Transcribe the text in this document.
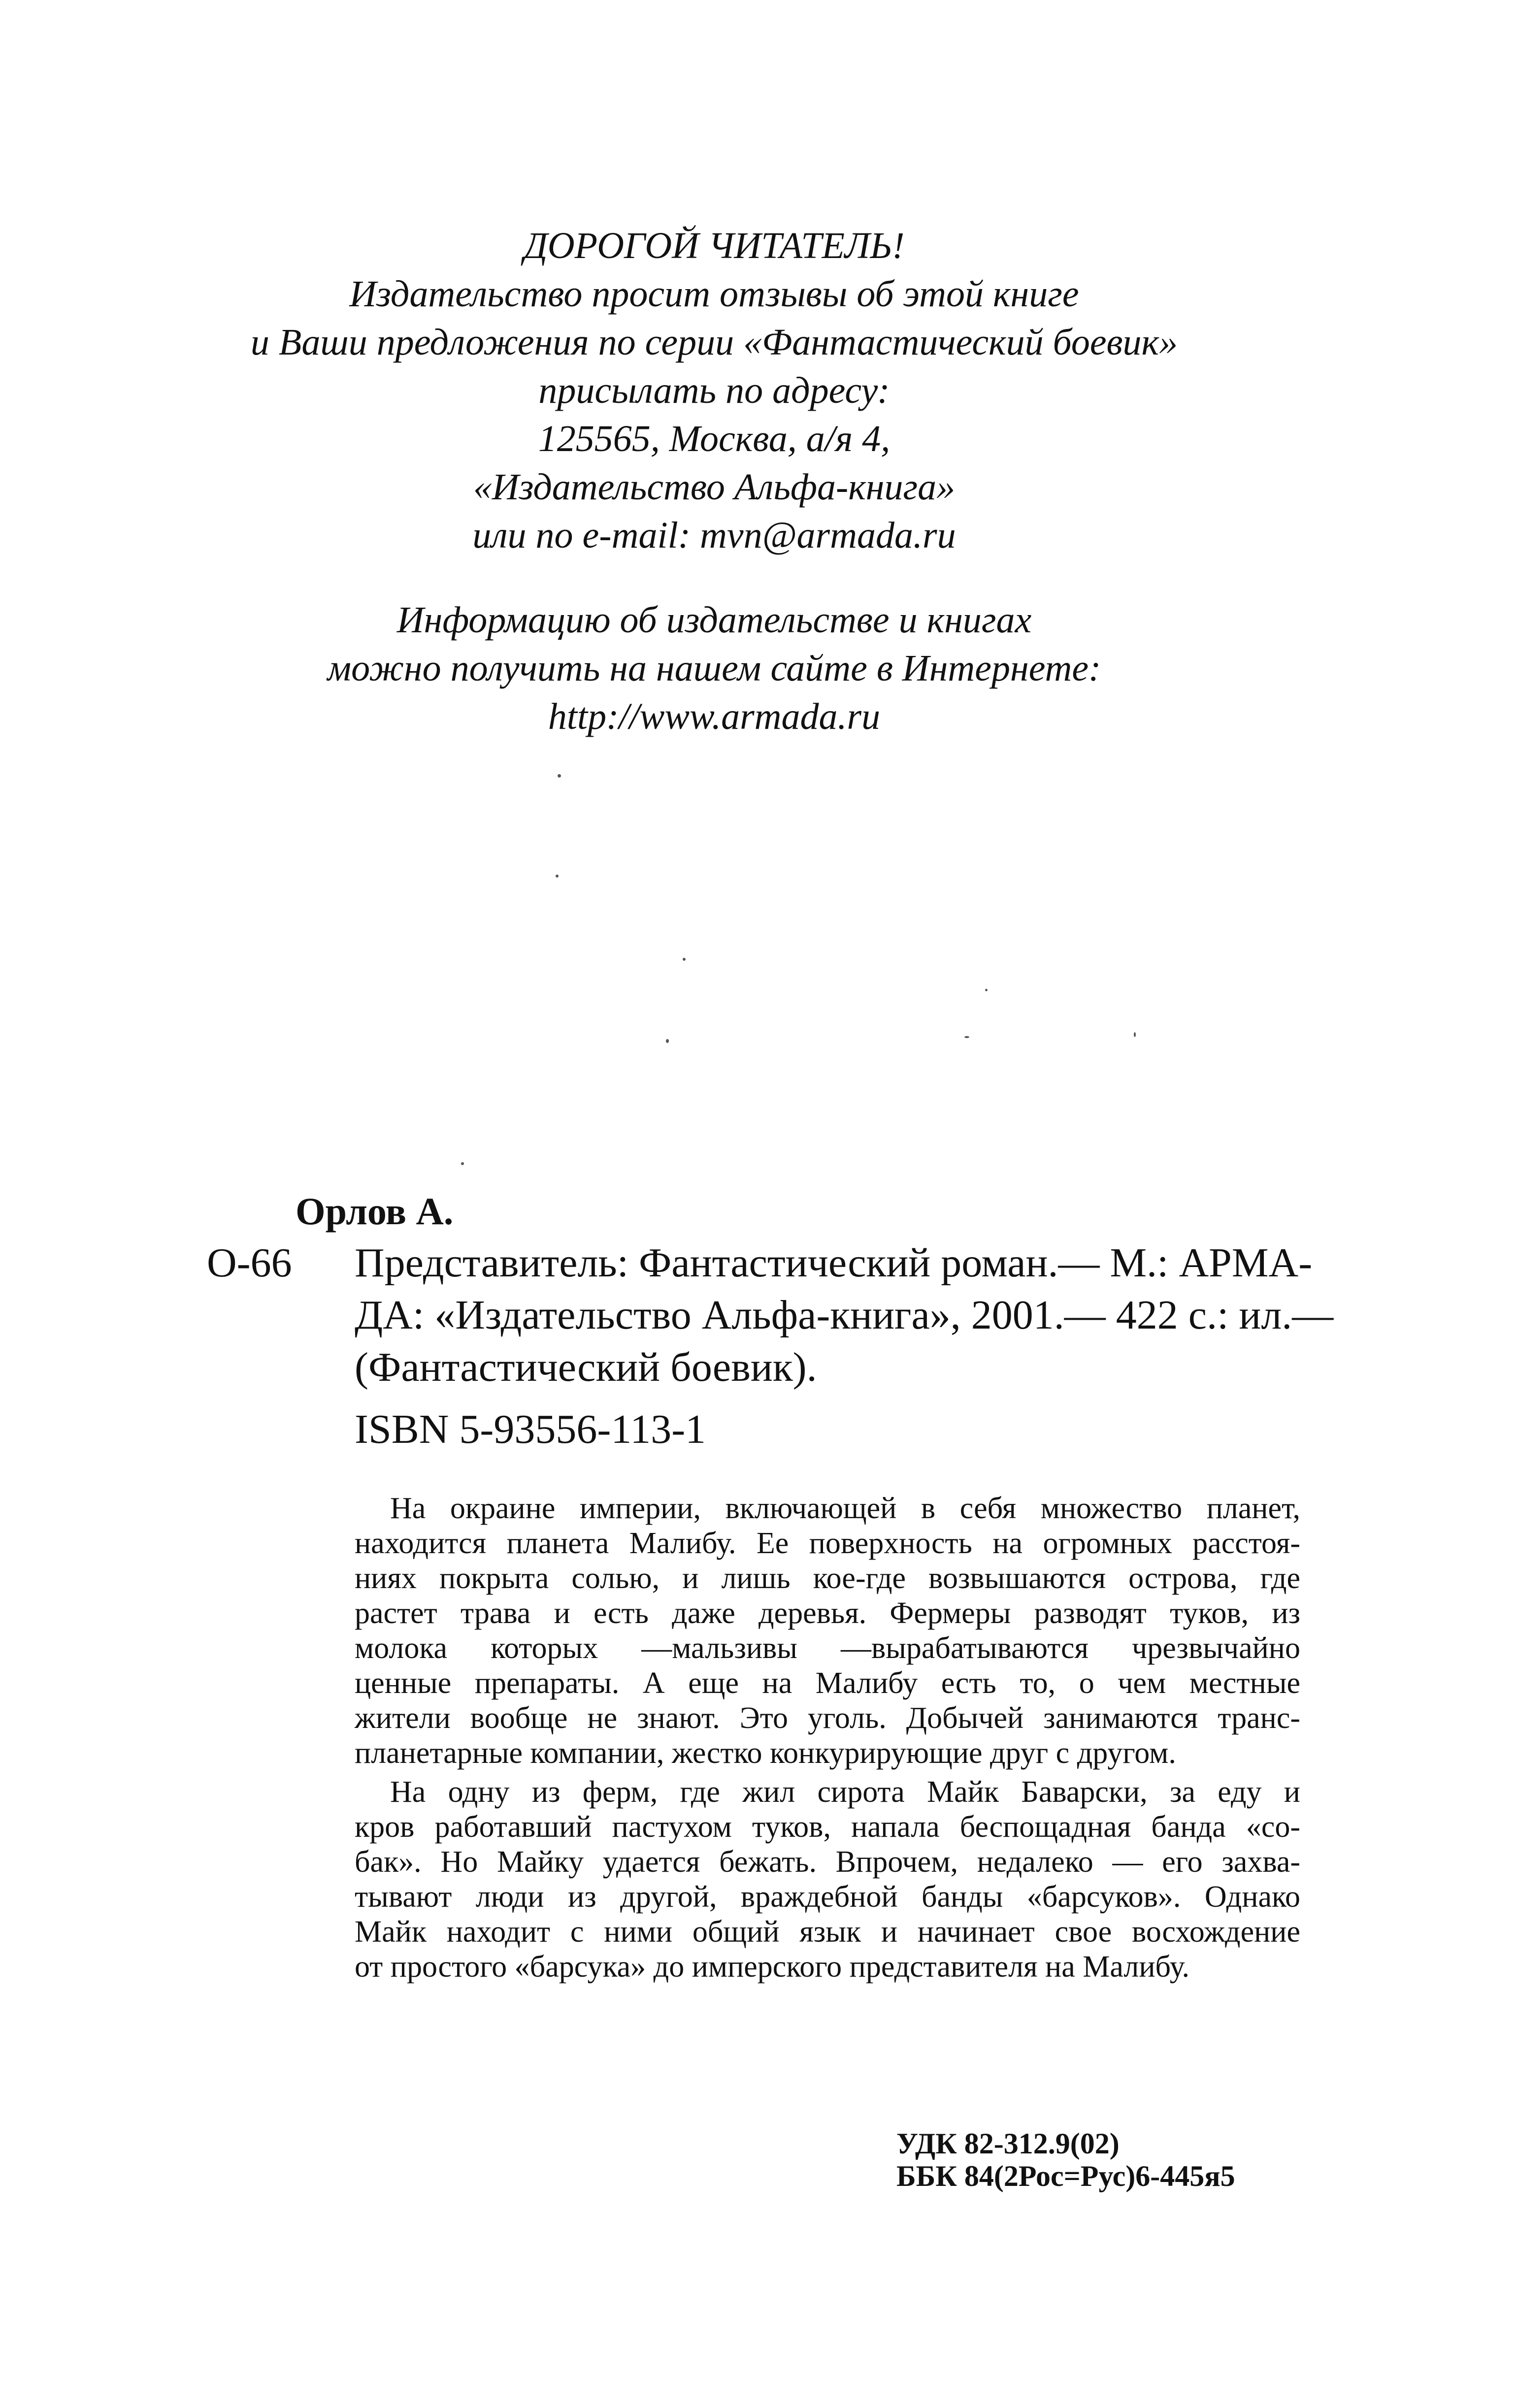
ДОРОГОЙ ЧИТАТЕЛЬ!
Издательство просит отзывы об этой книге
и Ваши предложения по серии «Фантастический боевик»
присылать по адресу:
125565, Москва, а/я 4,
«Издательство Альфа-книга»
или по e-mail: mvn@armada.ru
Информацию об издательстве и книгах
можно получить на нашем сайте в Интернете:
http://www.armada.ru
Орлов А.
О-66 Представитель: Фантастический роман.— М.: АРМА-
ДА: «Издательство Альфа-книга», 2001.— 422 с.: ил.—
(Фантастический боевик).
ISBN 5-93556-113-1
На окраине империи, включающей в себя множество планет,
находится планета Малибу. Ее поверхность на огромных расстоя-
ниях покрыта солью, и лишь кое-где возвышаются острова, где
растет трава и есть даже деревья. Фермеры разводят туков, из
молока которых —мальзивы —вырабатываются чрезвычайно
ценные препараты. А еще на Малибу есть то, о чем местные
жители вообще не знают. Это уголь. Добычей занимаются транс-
планетарные компании, жестко конкурирующие друг с другом.
На одну из ферм, где жил сирота Майк Баварски, за еду и
кров работавший пастухом туков, напала беспощадная банда «со-
бак». Но Майку удается бежать. Впрочем, недалеко — его захва-
тывают люди из другой, враждебной банды «барсуков». Однако
Майк находит с ними общий язык и начинает свое восхождение
от простого «барсука» до имперского представителя на Малибу.
УДК 82-312.9(02)
ББК 84(2Рос=Рус)6-445я5
